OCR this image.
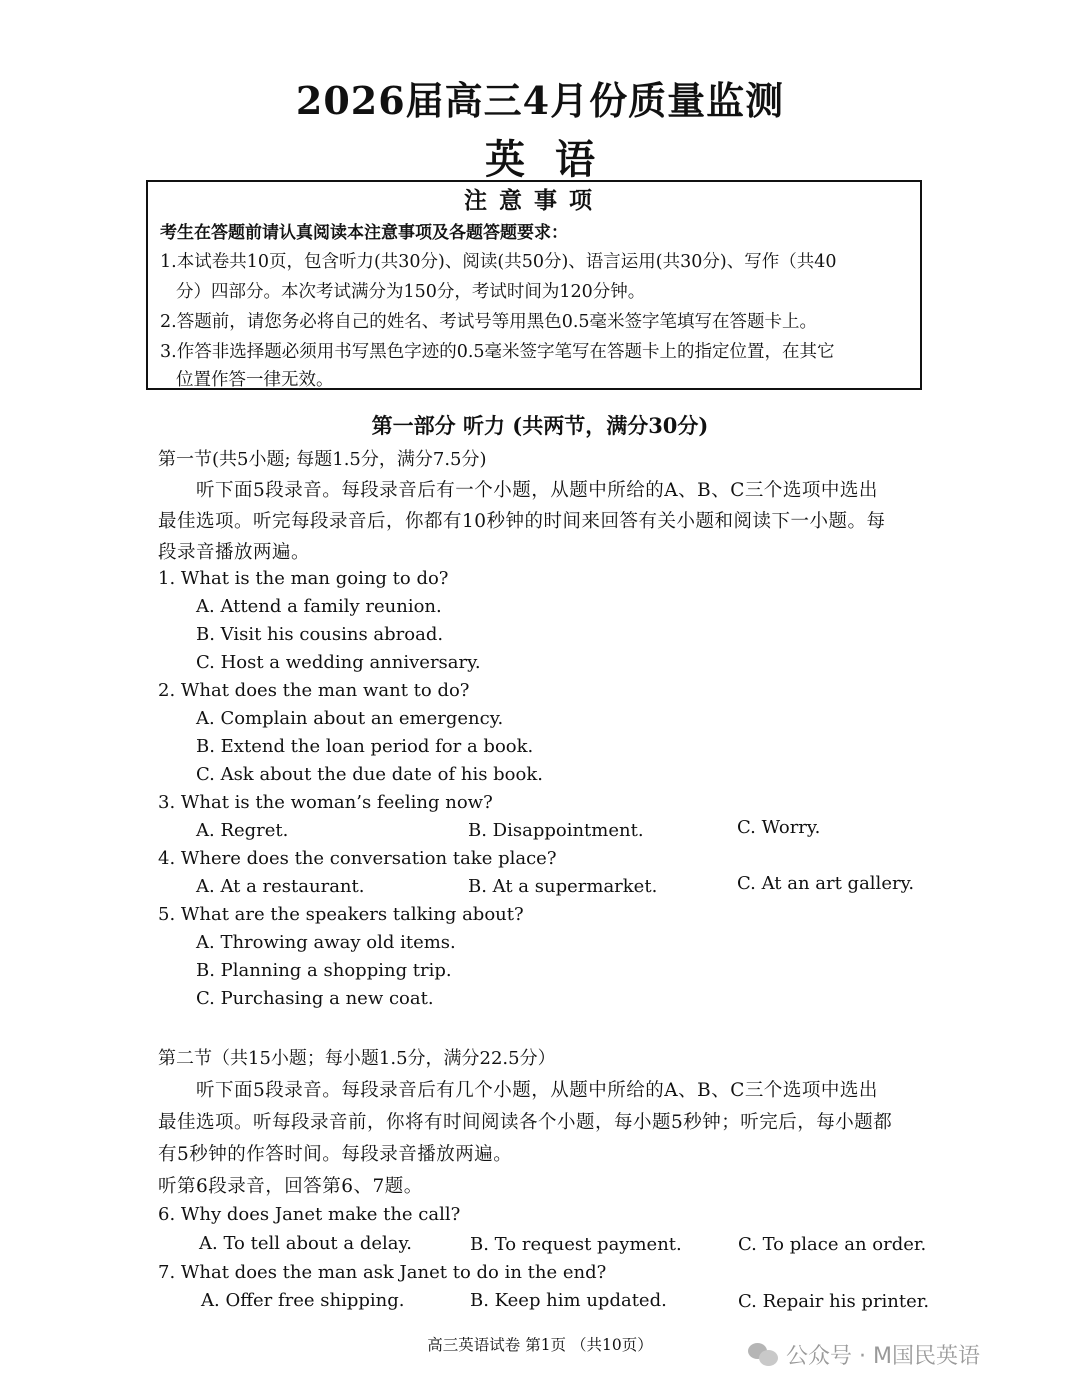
2026届高三4月份质量监测
英语
注意事项
考生在答题前请认真阅读本注意事项及各题答题要求：
1.本试卷共10页，包含听力(共30分)、阅读(共50分)、语言运用(共30分)、写作（共40
分）四部分。本次考试满分为150分，考试时间为120分钟。
2.答题前，请您务必将自己的姓名、考试号等用黑色0.5毫米签字笔填写在答题卡上。
3.作答非选择题必须用书写黑色字迹的0.5毫米签字笔写在答题卡上的指定位置，在其它
位置作答一律无效。
第一部分 听力 (共两节，满分30分)
第一节(共5小题; 每题1.5分，满分7.5分)
听下面5段录音。每段录音后有一个小题，从题中所给的A、B、C三个选项中选出
最佳选项。听完每段录音后，你都有10秒钟的时间来回答有关小题和阅读下一小题。每
段录音播放两遍。
1. What is the man going to do?
A. Attend a family reunion.
B. Visit his cousins abroad.
C. Host a wedding anniversary.
2. What does the man want to do?
A. Complain about an emergency.
B. Extend the loan period for a book.
C. Ask about the due date of his book.
3. What is the woman’s feeling now?
A. Regret.	B. Disappointment.	C. Worry.
4. Where does the conversation take place?
A. At a restaurant.	B. At a supermarket.	C. At an art gallery.
5. What are the speakers talking about?
A. Throwing away old items.
B. Planning a shopping trip.
C. Purchasing a new coat.
第二节（共15小题；每小题1.5分，满分22.5分）
听下面5段录音。每段录音后有几个小题，从题中所给的A、B、C三个选项中选出
最佳选项。听每段录音前，你将有时间阅读各个小题，每小题5秒钟；听完后，每小题都
有5秒钟的作答时间。每段录音播放两遍。
听第6段录音，回答第6、7题。
6. Why does Janet make the call?
A. To tell about a delay.	B. To request payment.	C. To place an order.
7. What does the man ask Janet to do in the end?
A. Offer free shipping.	B. Keep him updated.	C. Repair his printer.
高三英语试卷 第1页 （共10页）	公众号 · M国民英语
